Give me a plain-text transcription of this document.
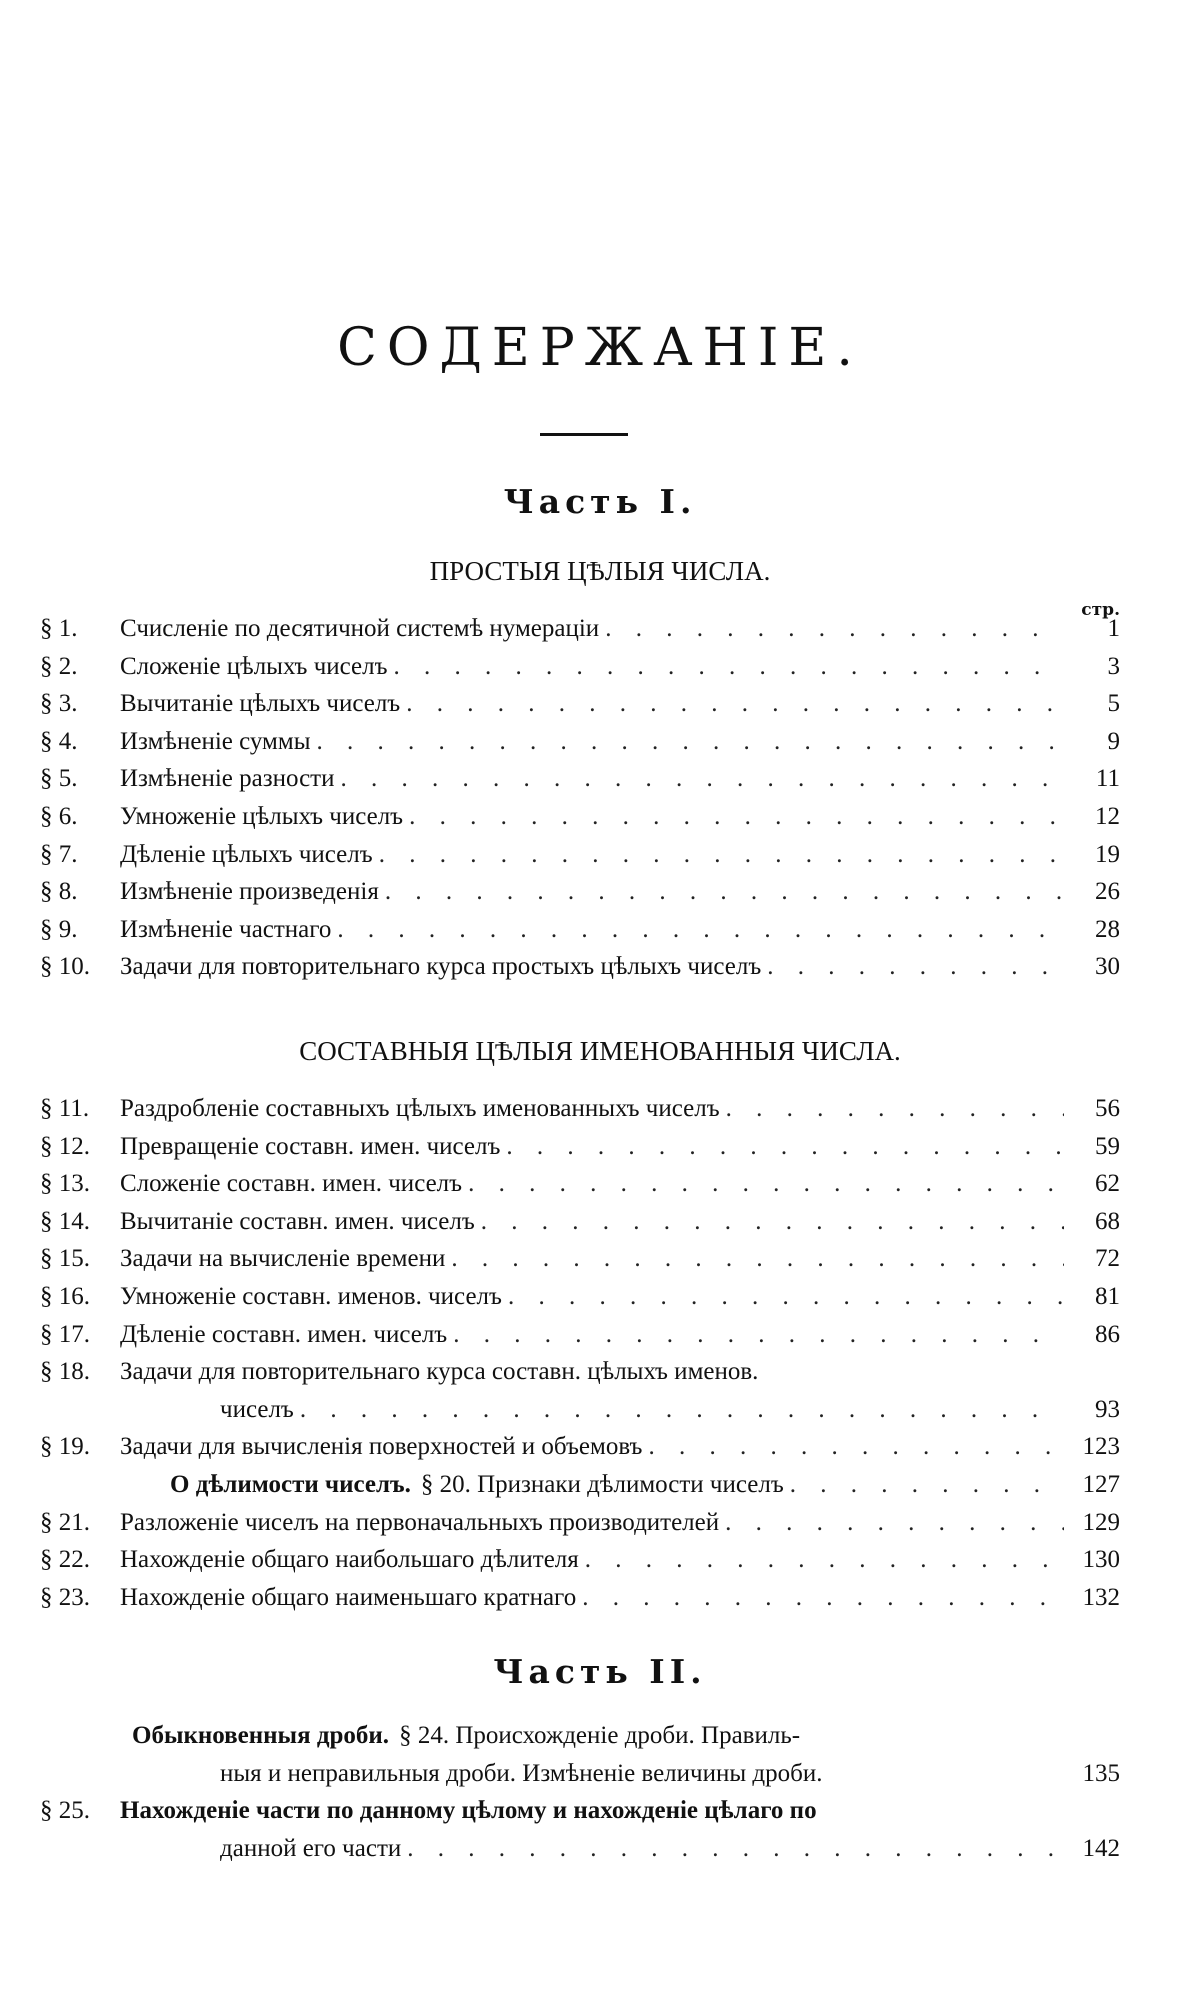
СОДЕРЖАНІЕ.
Часть I.
ПРОСТЫЯ ЦѢЛЫЯ ЧИСЛА.
стр.
§ 1.	Счисленіе по десятичной системѣ нумераціи
. . .	1
§ 2.	Сложеніе цѣлыхъ чиселъ
. . .	3
§ 3.	Вычитаніе цѣлыхъ чиселъ
. . .	5
§ 4.	Измѣненіе суммы
. . .	9
§ 5.	Измѣненіе разности
. . .	11
§ 6.	Умноженіе цѣлыхъ чиселъ
. . .	12
§ 7.	Дѣленіе цѣлыхъ чиселъ
. . .	19
§ 8.	Измѣненіе произведенія
. . .	26
§ 9.	Измѣненіе частнаго
. . .	28
§ 10.	Задачи для повторительнаго курса простыхъ цѣлыхъ чиселъ
. . .	30
СОСТАВНЫЯ ЦѢЛЫЯ ИМЕНОВАННЫЯ ЧИСЛА.
§ 11.	Раздробленіе составныхъ цѣлыхъ именованныхъ чиселъ
. . .	56
§ 12.	Превращеніе составн. имен. чиселъ
. . .	59
§ 13.	Сложеніе составн. имен. чиселъ
. . .	62
§ 14.	Вычитаніе составн. имен. чиселъ
. . .	68
§ 15.	Задачи на вычисленіе времени
. . .	72
§ 16.	Умноженіе составн. именов. чиселъ
. . .	81
§ 17.	Дѣленіе составн. имен. чиселъ
. . .	86
§ 18.	Задачи для повторительнаго курса составн. цѣлыхъ именов.
чиселъ
. . .	93
§ 19.	Задачи для вычисленія поверхностей и объемовъ
. . .	123
О дѣлимости чиселъ. § 20. Признаки дѣлимости чиселъ
. . .	127
§ 21.	Разложеніе чиселъ на первоначальныхъ производителей
. . .	129
§ 22.	Нахожденіе общаго наибольшаго дѣлителя
. . .	130
§ 23.	Нахожденіе общаго наименьшаго кратнаго
. . .	132
Часть II.
Обыкновенныя дроби. § 24. Происхожденіе дроби. Правиль-
ныя и неправильныя дроби. Измѣненіе величины дроби.	135
§ 25.	Нахожденіе части по данному цѣлому и нахожденіе цѣлаго по
данной его части
. . .	142
